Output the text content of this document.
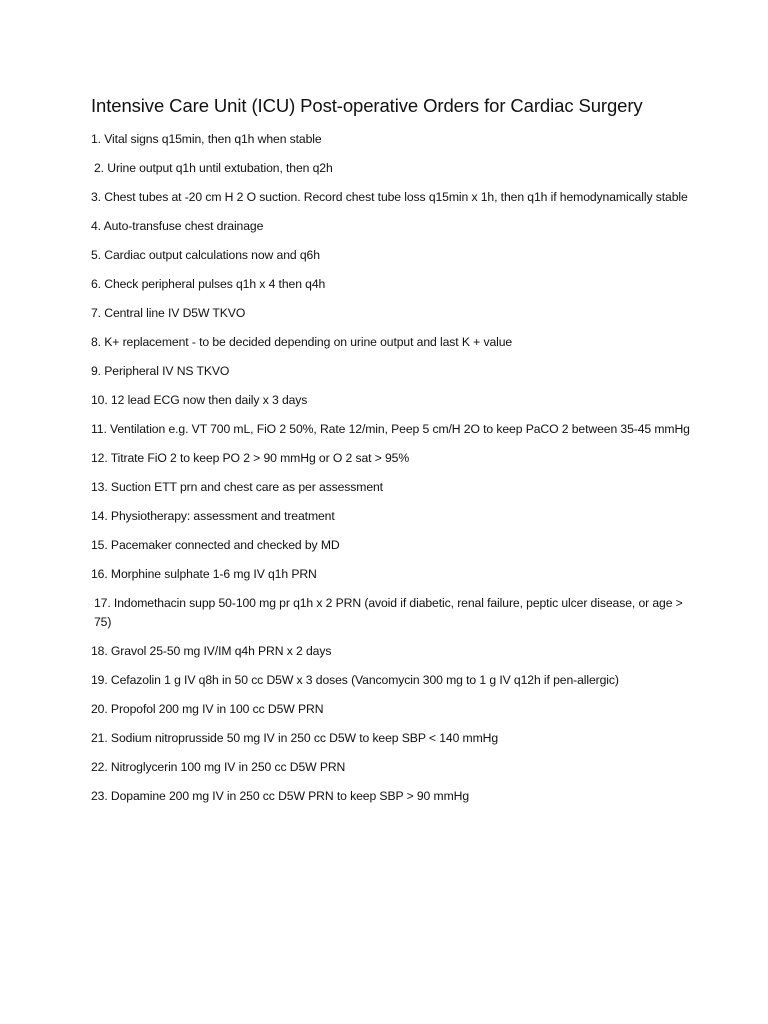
Intensive Care Unit (ICU) Post-operative Orders for Cardiac Surgery
1. Vital signs q15min, then q1h when stable
2. Urine output q1h until extubation, then q2h
3. Chest tubes at -20 cm H 2 O suction. Record chest tube loss q15min x 1h, then q1h if hemodynamically stable
4. Auto-transfuse chest drainage
5. Cardiac output calculations now and q6h
6. Check peripheral pulses q1h x 4 then q4h
7. Central line IV D5W TKVO
8. K+ replacement - to be decided depending on urine output and last K + value
9. Peripheral IV NS TKVO
10. 12 lead ECG now then daily x 3 days
11. Ventilation e.g. VT 700 mL, FiO 2 50%, Rate 12/min, Peep 5 cm/H 2O to keep PaCO 2 between 35-45 mmHg
12. Titrate FiO 2 to keep PO 2 > 90 mmHg or O 2 sat > 95%
13. Suction ETT prn and chest care as per assessment
14. Physiotherapy: assessment and treatment
15. Pacemaker connected and checked by MD
16. Morphine sulphate 1-6 mg IV q1h PRN
17. Indomethacin supp 50-100 mg pr q1h x 2 PRN (avoid if diabetic, renal failure, peptic ulcer disease, or age > 75)
18. Gravol 25-50 mg IV/IM q4h PRN x 2 days
19. Cefazolin 1 g IV q8h in 50 cc D5W x 3 doses (Vancomycin 300 mg to 1 g IV q12h if pen-allergic)
20. Propofol 200 mg IV in 100 cc D5W PRN
21. Sodium nitroprusside 50 mg IV in 250 cc D5W to keep SBP < 140 mmHg
22. Nitroglycerin 100 mg IV in 250 cc D5W PRN
23. Dopamine 200 mg IV in 250 cc D5W PRN to keep SBP > 90 mmHg
